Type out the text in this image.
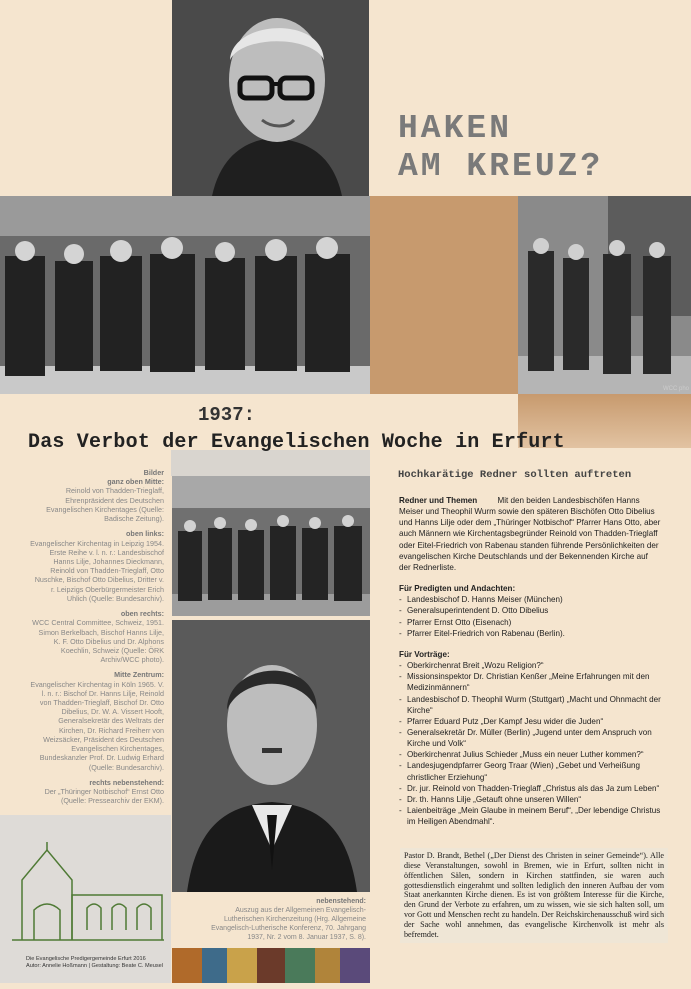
HAKEN
AM KREUZ?
WCC pho
1937:
Das Verbot der Evangelischen Woche in Erfurt
Bilder
ganz oben Mitte:
Reinold von Thadden-Trieglaff, Ehrenpräsident des Deutschen Evangelischen Kirchentages (Quelle: Badische Zeitung).
oben links:
Evangelischer Kirchentag in Leipzig 1954. Erste Reihe v. l. n. r.: Landesbischof Hanns Lilje, Johannes Dieckmann, Reinold von Thadden-Trieglaff, Otto Nuschke, Bischof Otto Dibelius, Dritter v. r. Leipzigs Oberbürgermeister Erich Uhlich (Quelle: Bundesarchiv).
oben rechts:
WCC Central Committee, Schweiz, 1951. Simon Berkelbach, Bischof Hanns Lilje, K. F. Otto Dibelius und Dr. Alphons Koechlin, Schweiz (Quelle: ÖRK Archiv/WCC photo).
Mitte Zentrum:
Evangelischer Kirchentag in Köln 1965. V. l. n. r.: Bischof Dr. Hanns Lilje, Reinold von Thadden-Trieglaff, Bischof Dr. Otto Dibelius, Dr. W. A. Vissert Hooft, Generalsekretär des Weltrats der Kirchen, Dr. Richard Freiherr von Weizsäcker, Präsident des Deutschen Evangelischen Kirchentages, Bundeskanzler Prof. Dr. Ludwig Erhard (Quelle: Bundesarchiv).
rechts nebenstehend:
Der „Thüringer Notbischof“ Ernst Otto (Quelle: Pressearchiv der EKM).
Die Evangelische Predigergemeinde Erfurt 2016
Autor: Annelie Hoßmann | Gestaltung: Beate C. Meusel
nebenstehend:
Auszug aus der Allgemeinen Evangelisch-Lutherischen Kirchenzeitung (Hrg. Allgemeine Evangelisch-Lutherische Konferenz, 70. Jahrgang 1937, Nr. 2 vom 8. Januar 1937, S. 8).
Hochkarätige Redner sollten auftreten
Redner und Themen	Mit den beiden Landesbischöfen Hanns Meiser und Theophil Wurm sowie den späteren Bischöfen Otto Dibelius und Hanns Lilje oder dem „Thüringer Notbischof“ Pfarrer Hans Otto, aber auch Männern wie Kirchentagsbegründer Reinold von Thadden-Trieglaff oder Eitel-Friedrich von Rabenau standen führende Persönlichkeiten der evangelischen Kirche Deutschlands und der Bekennenden Kirche auf der Rednerliste.
Für Predigten und Andachten:
- Landesbischof D. Hanns Meiser (München)
- Generalsuperintendent D. Otto Dibelius
- Pfarrer Ernst Otto (Eisenach)
- Pfarrer Eitel-Friedrich von Rabenau (Berlin).
Für Vorträge:
- Oberkirchenrat Breit „Wozu Religion?“
- Missionsinspektor Dr. Christian Kenßer „Meine Erfahrungen mit den Medizinmännern“
- Landesbischof D. Theophil Wurm (Stuttgart) „Macht und Ohnmacht der Kirche“
- Pfarrer Eduard Putz „Der Kampf Jesu wider die Juden“
- Generalsekretär Dr. Müller (Berlin) „Jugend unter dem Anspruch von Kirche und Volk“
- Oberkirchenrat Julius Schieder „Muss ein neuer Luther kommen?“
- Landesjugendpfarrer Georg Traar (Wien) „Gebet und Verheißung christlicher Erziehung“
- Dr. jur. Reinold von Thadden-Trieglaff „Christus als das Ja zum Leben“
- Dr. th. Hanns Lilje „Getauft ohne unseren Willen“
- Laienbeiträge „Mein Glaube in meinem Beruf“, „Der lebendige Christus im Heiligen Abendmahl“.
Pastor D. Brandt, Bethel („Der Dienst des Christen in seiner Gemeinde“). Alle diese Veranstaltungen, sowohl in Bremen, wie in Erfurt, sollten nicht in öffentlichen Sälen, sondern in Kirchen stattfinden, sie waren auch gottesdienstlich eingerahmt und sollten lediglich den inneren Aufbau der vom Staat anerkannten Kirche dienen. Es ist von größtem Interesse für die Kirche, den Grund der Verbote zu erfahren, um zu wissen, wie sie sich halten soll, um vor Gott und Menschen recht zu handeln. Der Reichskirchenausschuß wird sich der Sache wohl annehmen, das evangelische Kirchenvolk ist mehr als befremdet.
